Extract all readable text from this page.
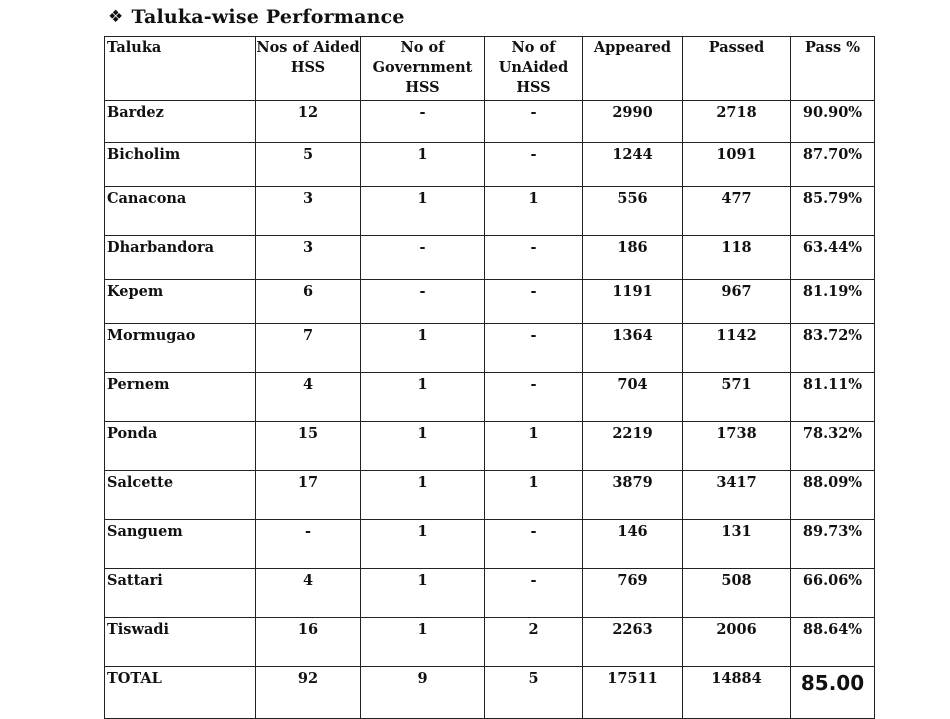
❖ Taluka-wise Performance
Taluka	Nos of Aided HSS	No of Government HSS	No of UnAided HSS	Appeared	Passed	Pass %
Bardez	12	-	-	2990	2718	90.90%
Bicholim	5	1	-	1244	1091	87.70%
Canacona	3	1	1	556	477	85.79%
Dharbandora	3	-	-	186	118	63.44%
Kepem	6	-	-	1191	967	81.19%
Mormugao	7	1	-	1364	1142	83.72%
Pernem	4	1	-	704	571	81.11%
Ponda	15	1	1	2219	1738	78.32%
Salcette	17	1	1	3879	3417	88.09%
Sanguem	-	1	-	146	131	89.73%
Sattari	4	1	-	769	508	66.06%
Tiswadi	16	1	2	2263	2006	88.64%
TOTAL	92	9	5	17511	14884	85.00
